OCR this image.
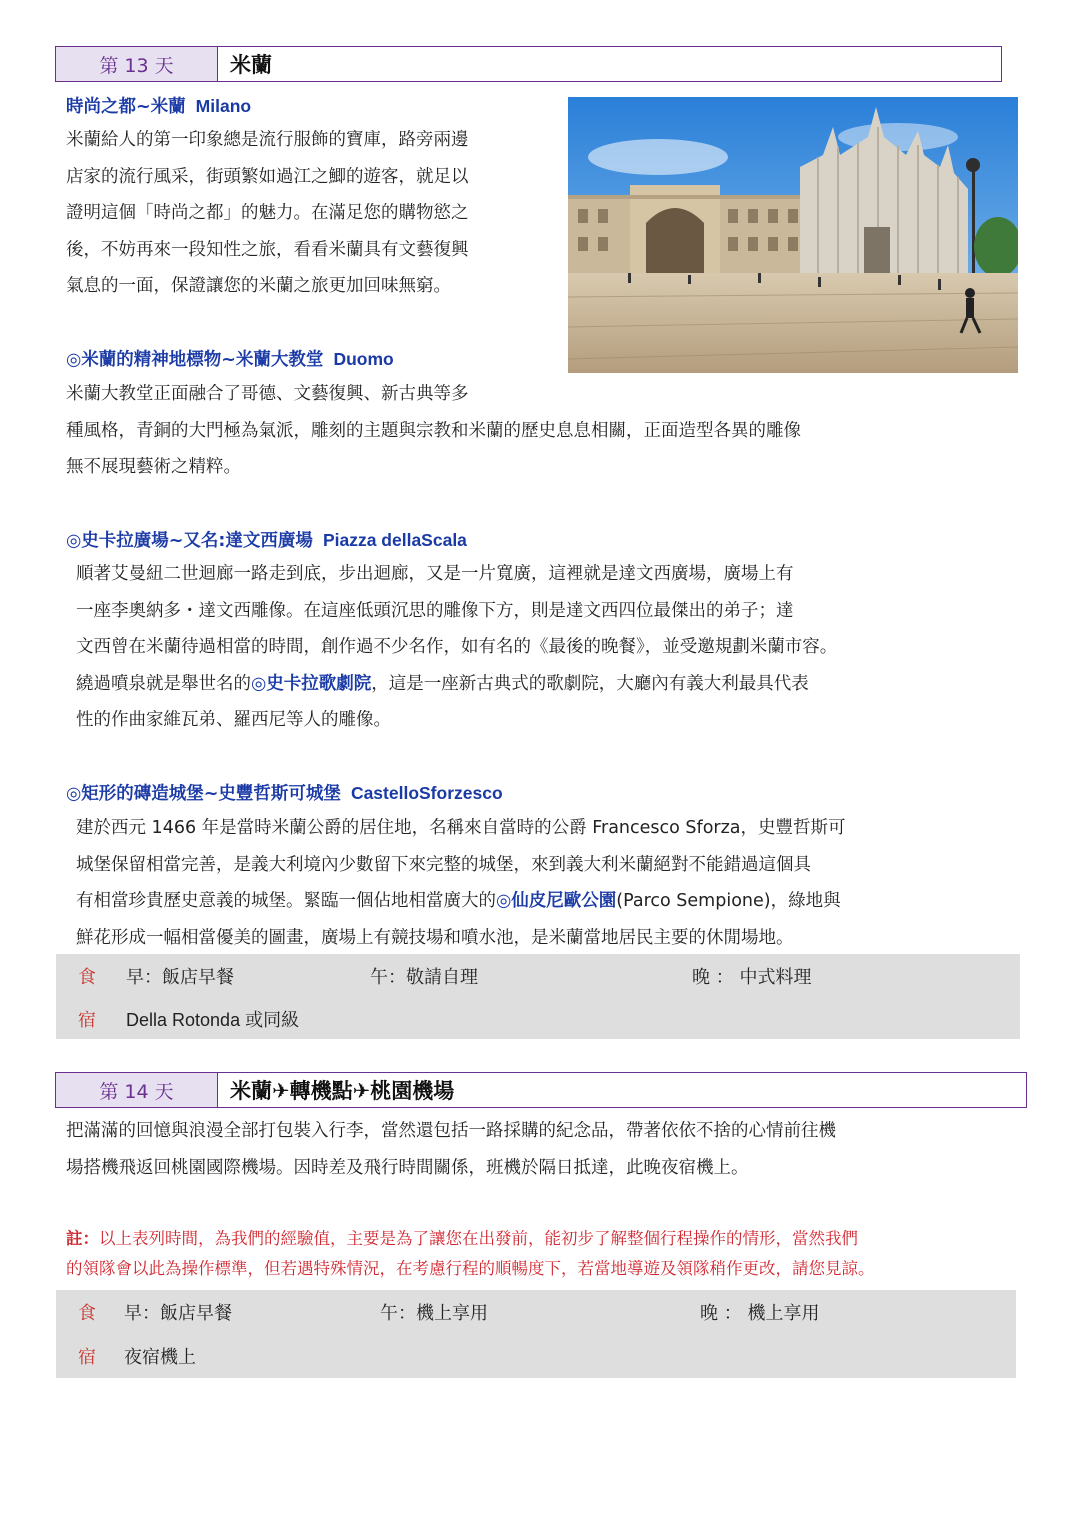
第 13 天	米蘭
時尚之都~米蘭 Milano
米蘭給人的第一印象總是流行服飾的寶庫，路旁兩邊
店家的流行風采，街頭繁如過江之鯽的遊客，就足以
證明這個「時尚之都」的魅力。在滿足您的購物慾之
後，不妨再來一段知性之旅，看看米蘭具有文藝復興
氣息的一面，保證讓您的米蘭之旅更加回味無窮。
◎米蘭的精神地標物~米蘭大教堂 Duomo
米蘭大教堂正面融合了哥德、文藝復興、新古典等多
種風格，青銅的大門極為氣派，雕刻的主題與宗教和米蘭的歷史息息相關，正面造型各異的雕像
無不展現藝術之精粹。
◎史卡拉廣場~又名:達文西廣場 Piazza dellaScala
順著艾曼紐二世迴廊一路走到底，步出迴廊，又是一片寬廣，這裡就是達文西廣場，廣場上有
一座李奧納多・達文西雕像。在這座低頭沉思的雕像下方，則是達文西四位最傑出的弟子；達
文西曾在米蘭待過相當的時間，創作過不少名作，如有名的《最後的晚餐》，並受邀規劃米蘭市容。
繞過噴泉就是舉世名的◎史卡拉歌劇院，這是一座新古典式的歌劇院，大廳內有義大利最具代表
性的作曲家維瓦弟、羅西尼等人的雕像。
◎矩形的磚造城堡~史豐哲斯可城堡 CastelloSforzesco
建於西元 1466 年是當時米蘭公爵的居住地，名稱來自當時的公爵 Francesco Sforza，史豐哲斯可
城堡保留相當完善，是義大利境內少數留下來完整的城堡，來到義大利米蘭絕對不能錯過這個具
有相當珍貴歷史意義的城堡。緊臨一個佔地相當廣大的◎仙皮尼歐公園(Parco Sempione)，綠地與
鮮花形成一幅相當優美的圖畫，廣場上有競技場和噴水池，是米蘭當地居民主要的休閒場地。
食	早：飯店早餐	午：敬請自理	晚 ： 中式料理
宿	Della Rotonda 或同級
第 14 天	米蘭✈轉機點✈桃園機場
把滿滿的回憶與浪漫全部打包裝入行李，當然還包括一路採購的紀念品，帶著依依不捨的心情前往機
場搭機飛返回桃園國際機場。因時差及飛行時間關係，班機於隔日抵達，此晚夜宿機上。
註：以上表列時間，為我們的經驗值，主要是為了讓您在出發前，能初步了解整個行程操作的情形，當然我們
的領隊會以此為操作標準，但若遇特殊情況，在考慮行程的順暢度下，若當地導遊及領隊稍作更改，請您見諒。
食	早：飯店早餐	午：機上享用	晚 ： 機上享用
宿	夜宿機上
